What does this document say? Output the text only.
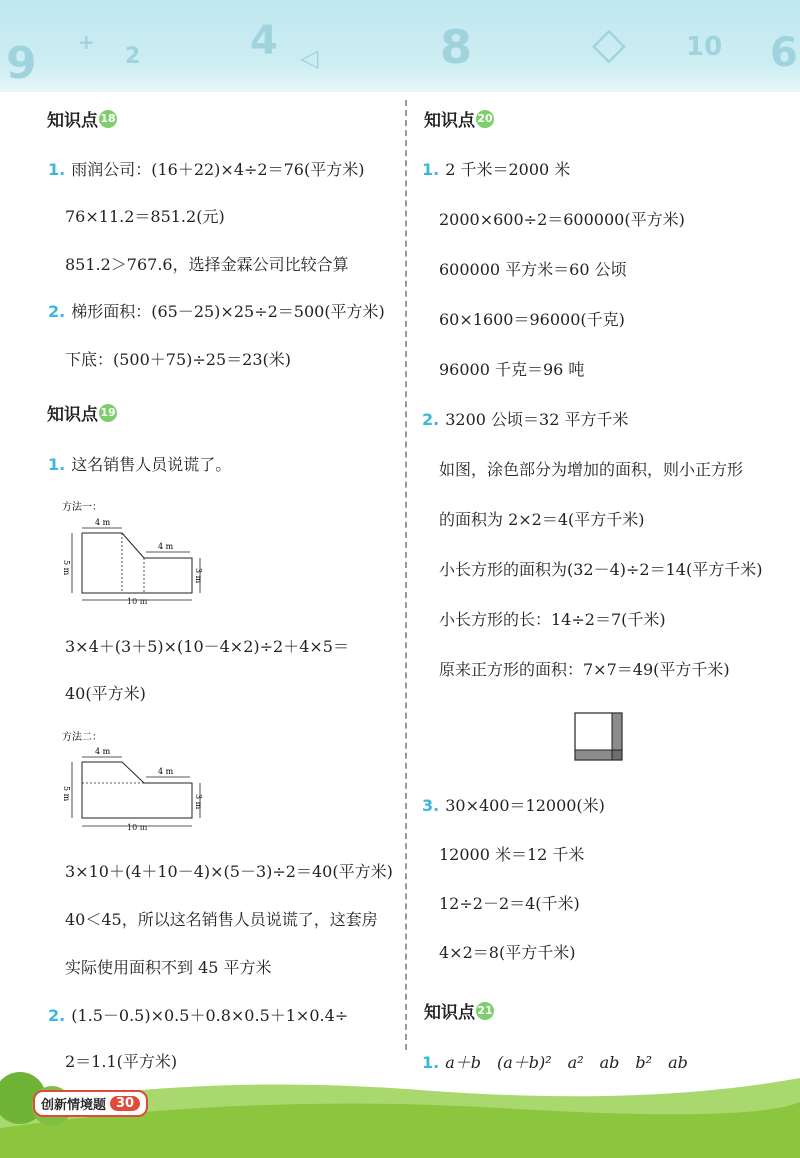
9 +
2	4 ◁	8	◇ 10 6
知识点 18
1. 雨润公司：(16＋22)×4÷2＝76(平方米)
76×11.2＝851.2(元)
851.2＞767.6，选择金霖公司比较合算
2. 梯形面积：(65－25)×25÷2＝500(平方米)
下底：(500＋75)÷25＝23(米)
知识点 19
1. 这名销售人员说谎了。
方法一：
4 m
4 m
5 m
3 m
10 m
3×4＋(3＋5)×(10－4×2)÷2＋4×5＝
40(平方米)
方法二：
4 m
4 m
5 m
3 m
10 m
3×10＋(4＋10－4)×(5－3)÷2＝40(平方米)
40＜45，所以这名销售人员说谎了，这套房
实际使用面积不到 45 平方米
2. (1.5－0.5)×0.5＋0.8×0.5＋1×0.4÷
2＝1.1(平方米)
知识点 20
1. 2 千米＝2000 米
2000×600÷2＝600000(平方米)
600000 平方米＝60 公顷
60×1600＝96000(千克)
96000 千克＝96 吨
2. 3200 公顷＝32 平方千米
如图，涂色部分为增加的面积，则小正方形
的面积为 2×2＝4(平方千米)
小长方形的面积为(32－4)÷2＝14(平方千米)
小长方形的长：14÷2＝7(千米)
原来正方形的面积：7×7＝49(平方千米)
3. 30×400＝12000(米)
12000 米＝12 千米
12÷2－2＝4(千米)
4×2＝8(平方千米)
知识点 21
1. a＋b　(a＋b)²　a²　ab　b²　ab
创新情境题 30
